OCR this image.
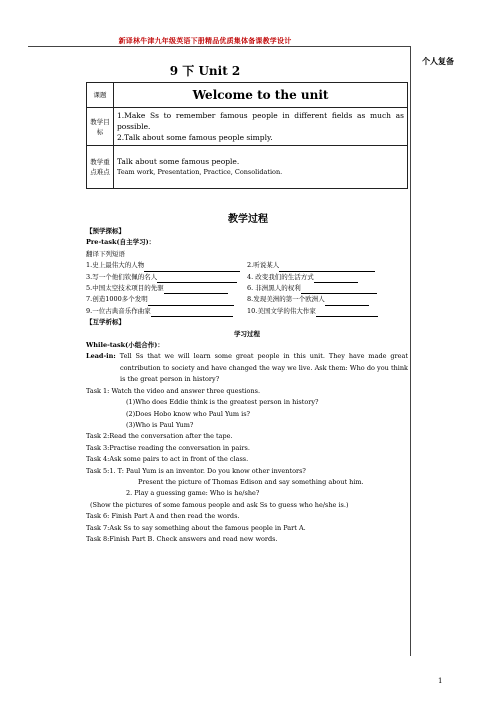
新译林牛津九年级英语下册精品优质集体备课教学设计
个人复备
9 下 Unit 2
课题	Welcome to the unit
教学目标	1.Make Ss to remember famous people in different fields as much as possible.
2.Talk about some famous people simply.

教学重点难点	Talk about some famous people.
Team work, Presentation, Practice, Consolidation.
教学过程
【预学探标】
Pre-task(自主学习)：
翻译下列短语
1.史上最伟大的人物	2.听说某人
3.写一个他们钦佩的名人	4. 改变我们的生活方式
5.中国太空技术项目的先驱	6. 非洲黑人的权利
7.创造1000多个发明	8.发现美洲的第一个欧洲人
9.一位古典音乐作曲家	10.美国文学的伟大作家
【互学析标】
学习过程
While-task(小组合作)：
Lead-in: Tell Ss that we will learn some great people in this unit. They have made great contribution to society and have changed the way we live. Ask them: Who do you think is the great person in history?
Task 1: Watch the video and answer three questions.
(1)Who does Eddie think is the greatest person in history?
(2)Does Hobo know who Paul Yum is?
(3)Who is Paul Yum?
Task 2:Read the conversation after the tape.
Task 3:Practise reading the conversation in pairs.
Task 4:Ask some pairs to act in front of the class.
Task 5:1. T: Paul Yum is an inventor. Do you know other inventors?
Present the picture of Thomas Edison and say something about him.
2. Play a guessing game: Who is he/she?
(Show the pictures of some famous people and ask Ss to guess who he/she is.)
Task 6: Finish Part A and then read the words.
Task 7:Ask Ss to say something about the famous people in Part A.
Task 8:Finish Part B. Check answers and read new words.
1
